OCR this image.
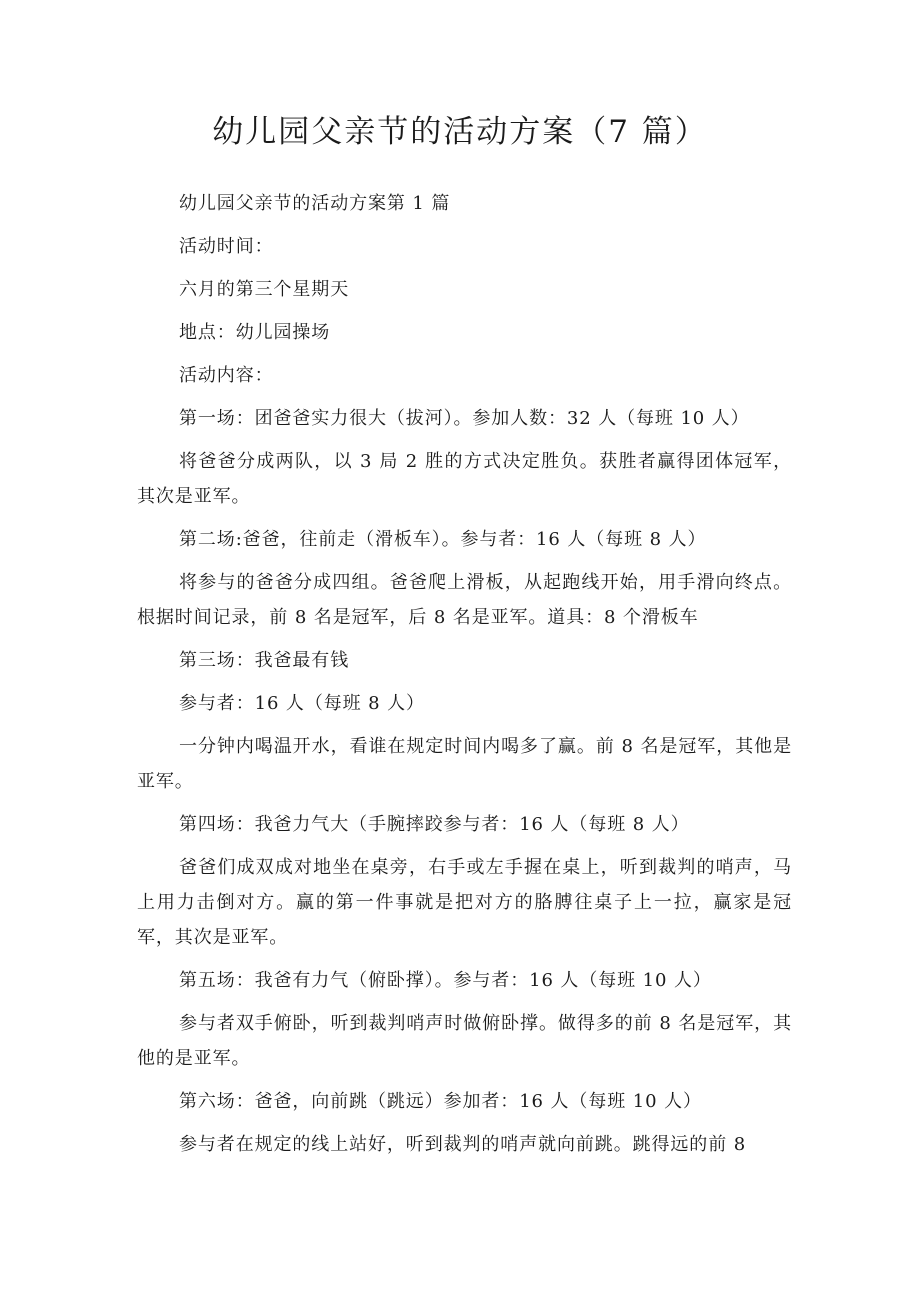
幼儿园父亲节的活动方案（7 篇）

幼儿园父亲节的活动方案第 1 篇

活动时间：

六月的第三个星期天

地点：幼儿园操场

活动内容：

第一场：团爸爸实力很大（拔河）。参加人数：32 人（每班 10 人）

将爸爸分成两队，以 3 局 2 胜的方式决定胜负。获胜者赢得团体冠军，其次是亚军。

第二场:爸爸，往前走（滑板车）。参与者：16 人（每班 8 人）

将参与的爸爸分成四组。爸爸爬上滑板，从起跑线开始，用手滑向终点。根据时间记录，前 8 名是冠军，后 8 名是亚军。道具：8 个滑板车

第三场：我爸最有钱

参与者：16 人（每班 8 人）

一分钟内喝温开水，看谁在规定时间内喝多了赢。前 8 名是冠军，其他是亚军。

第四场：我爸力气大（手腕摔跤参与者：16 人（每班 8 人）

爸爸们成双成对地坐在桌旁，右手或左手握在桌上，听到裁判的哨声，马上用力击倒对方。赢的第一件事就是把对方的胳膊往桌子上一拉，赢家是冠军，其次是亚军。

第五场：我爸有力气（俯卧撑）。参与者：16 人（每班 10 人）

参与者双手俯卧，听到裁判哨声时做俯卧撑。做得多的前 8 名是冠军，其他的是亚军。

第六场：爸爸，向前跳（跳远）参加者：16 人（每班 10 人）

参与者在规定的线上站好，听到裁判的哨声就向前跳。跳得远的前 8
